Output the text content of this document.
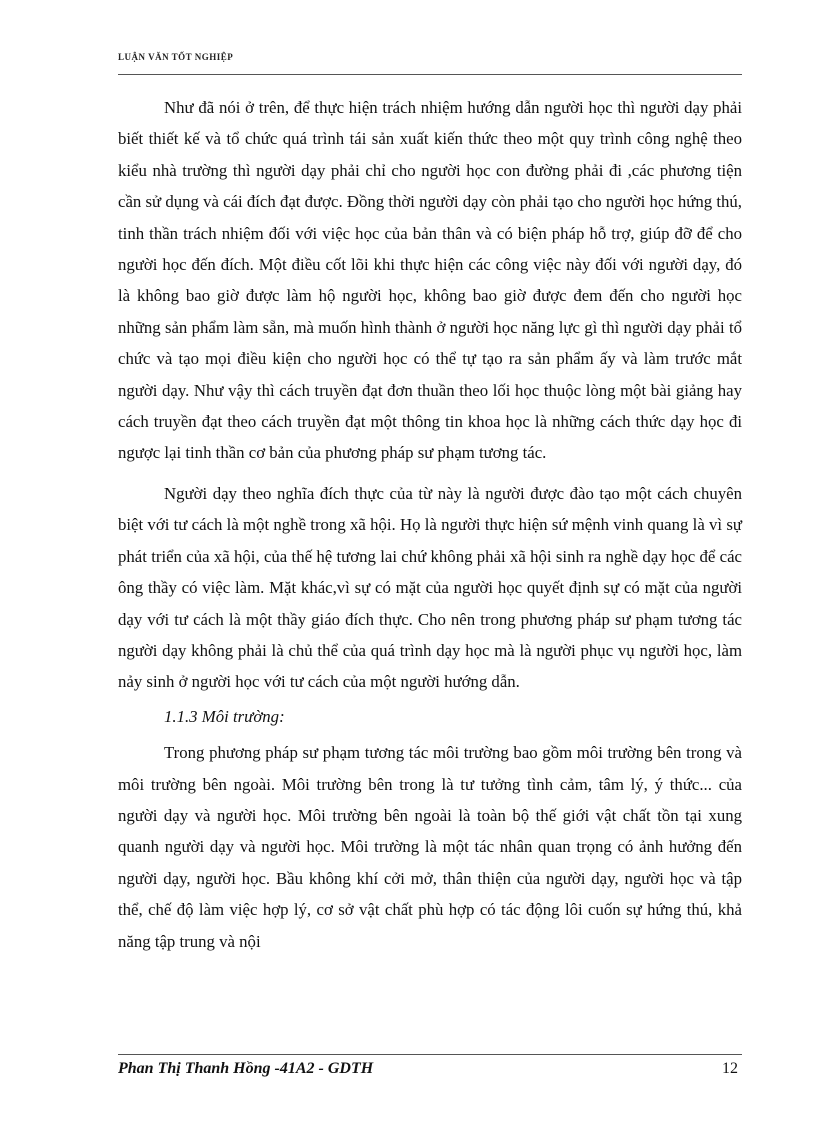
LUẬN VĂN TỐT NGHIỆP

Như đã nói ở trên, để thực hiện trách nhiệm hướng dẫn người học thì người dạy phải biết thiết kế và tổ chức quá trình tái sản xuất kiến thức theo một quy trình công nghệ theo kiểu nhà trường thì người dạy phải chỉ cho người học con đường phải đi ,các phương tiện cần sử dụng và cái đích đạt được. Đồng thời người dạy còn phải tạo cho người học hứng thú, tinh thần trách nhiệm đối với việc học của bản thân và có biện pháp hỗ trợ, giúp đỡ để cho người học đến đích. Một điều cốt lõi khi thực hiện các công việc này đối với người dạy, đó là không bao giờ được làm hộ người học, không bao giờ được đem đến cho người học những sản phẩm làm sẵn, mà muốn hình thành ở người học năng lực gì thì người dạy phải tổ chức và tạo mọi điều kiện cho người học có thể tự tạo ra sản phẩm ấy và làm trước mắt người dạy. Như vậy thì cách truyền đạt đơn thuần theo lối học thuộc lòng một bài giảng hay cách truyền đạt theo cách truyền đạt một thông tin khoa học là những cách thức dạy học đi ngược lại tinh thần cơ bản của phương pháp sư phạm tương tác.

Người dạy theo nghĩa đích thực của từ này là người được đào tạo một cách chuyên biệt với tư cách là một nghề trong xã hội. Họ là người thực hiện sứ mệnh vinh quang là vì sự phát triển của xã hội, của thế hệ tương lai chứ không phải xã hội sinh ra nghề dạy học để các ông thầy có việc làm. Mặt khác,vì sự có mặt của người học quyết định sự có mặt của người dạy với tư cách là một thầy giáo đích thực. Cho nên trong phương pháp sư phạm tương tác người dạy không phải là chủ thể của quá trình dạy học mà là người phục vụ người học, làm nảy sinh ở người học với tư cách của một người hướng dẫn.

1.1.3 Môi trường:

Trong phương pháp sư phạm tương tác môi trường bao gồm môi trường bên trong và môi trường bên ngoài. Môi trường bên trong là tư tưởng tình cảm, tâm lý, ý thức... của người dạy và người học. Môi trường bên ngoài là toàn bộ thế giới vật chất tồn tại xung quanh người dạy và người học. Môi trường là một tác nhân quan trọng có ảnh hưởng đến người dạy, người học. Bầu không khí cởi mở, thân thiện của người dạy, người học và tập thể, chế độ làm việc hợp lý, cơ sở vật chất phù hợp có tác động lôi cuốn sự hứng thú, khả năng tập trung và nội

Phan Thị Thanh Hồng -41A2 - GDTH	12
